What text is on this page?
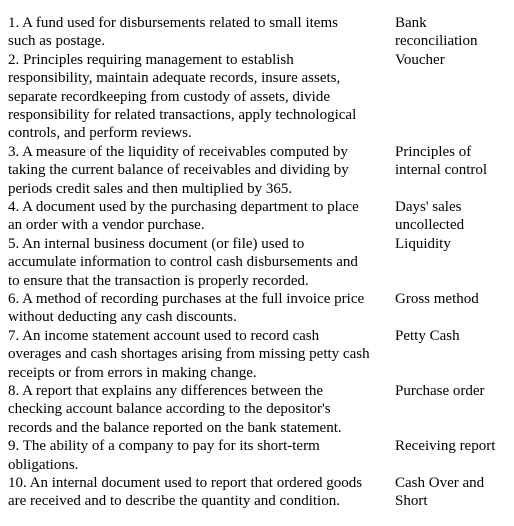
1. A fund used for disbursements related to small items
such as postage.

2. Principles requiring management to establish
responsibility, maintain adequate records, insure assets,
separate recordkeeping from custody of assets, divide
responsibility for related transactions, apply technological
controls, and perform reviews.

3. A measure of the liquidity of receivables computed by
taking the current balance of receivables and dividing by
periods credit sales and then multiplied by 365.

4. A document used by the purchasing department to place
an order with a vendor purchase.

5. An internal business document (or file) used to
accumulate information to control cash disbursements and
to ensure that the transaction is properly recorded.

6. A method of recording purchases at the full invoice price
without deducting any cash discounts.

7. An income statement account used to record cash
overages and cash shortages arising from missing petty cash
receipts or from errors in making change.

8. A report that explains any differences between the
checking account balance according to the depositor's
records and the balance reported on the bank statement.

9. The ability of a company to pay for its short-term
obligations.

10. An internal document used to report that ordered goods
are received and to describe the quantity and condition.

Bank
reconciliation

Voucher

Principles of
internal control

Days' sales
uncollected

Liquidity

Gross method

Petty Cash

Purchase order

Receiving report

Cash Over and
Short
